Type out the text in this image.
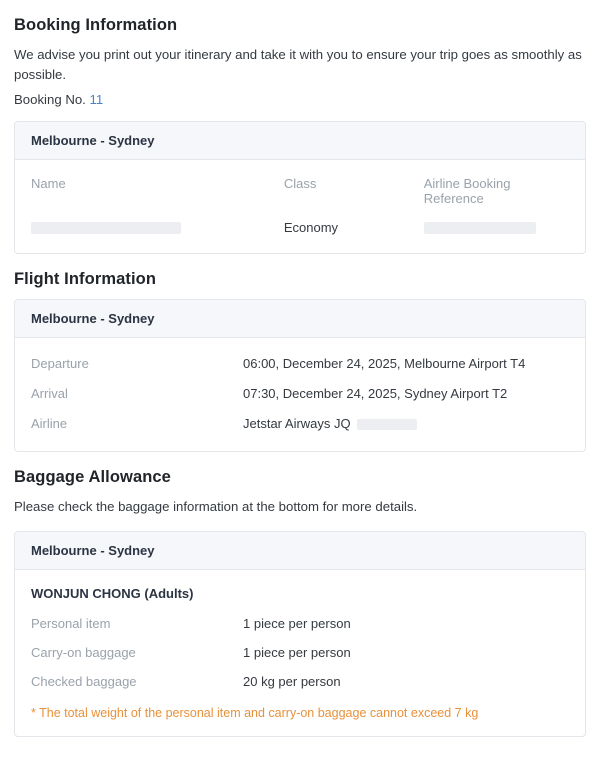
Booking Information

We advise you print out your itinerary and take it with you to ensure your trip goes as smoothly as possible.

Booking No. 11
Melbourne - Sydney
Name	Class	Airline Booking Reference
	Economy	
Flight Information
Melbourne - Sydney
Departure	06:00, December 24, 2025, Melbourne Airport T4
Arrival	07:30, December 24, 2025, Sydney Airport T2
Airline	Jetstar Airways JQ
Baggage Allowance

Please check the baggage information at the bottom for more details.

Melbourne - Sydney
WONJUN CHONG (Adults)
Personal item	1 piece per person
Carry-on baggage	1 piece per person
Checked baggage	20 kg per person
* The total weight of the personal item and carry-on baggage cannot exceed 7 kg
